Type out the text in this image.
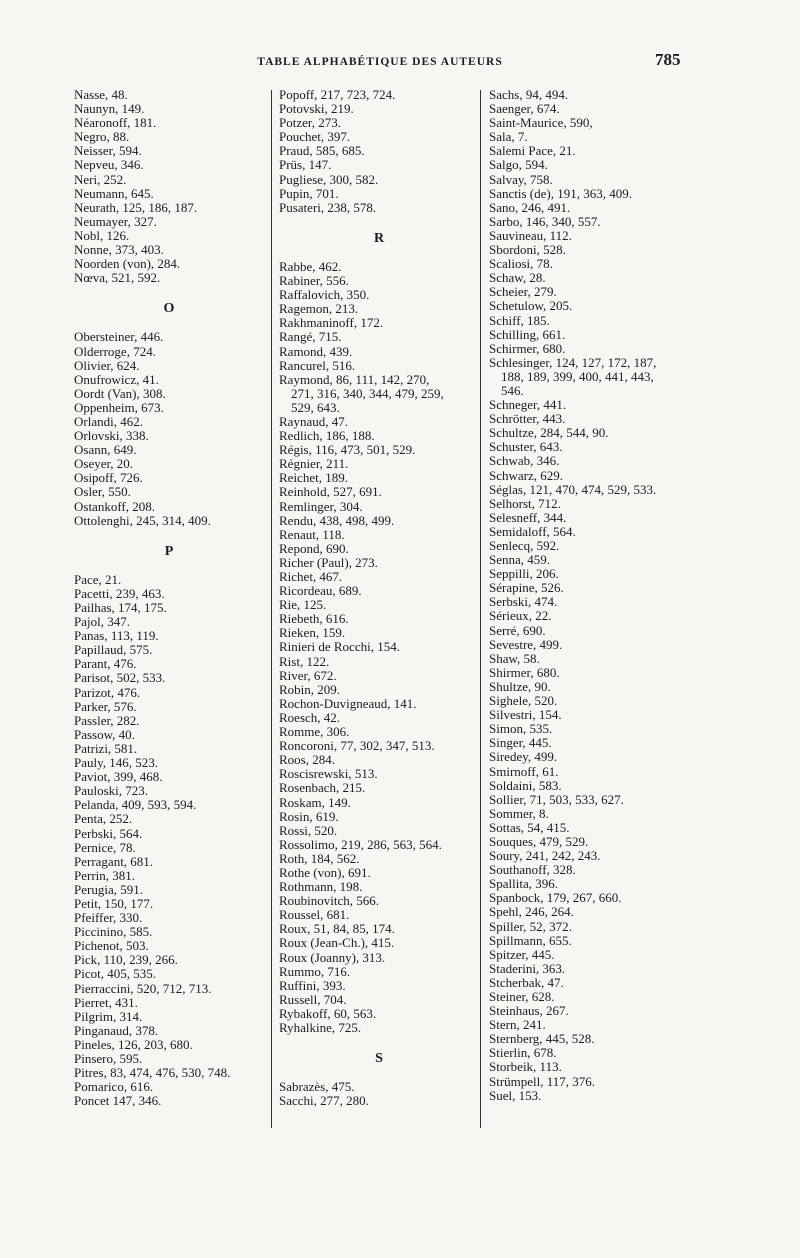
TABLE ALPHABÉTIQUE DES AUTEURS	785
Nasse, 48.
Naunyn, 149.
Néaronoff, 181.
Negro, 88.
Neisser, 594.
Nepveu, 346.
Neri, 252.
Neumann, 645.
Neurath, 125, 186, 187.
Neumayer, 327.
Nobl, 126.
Nonne, 373, 403.
Noorden (von), 284.
Nœva, 521, 592.
O
Obersteiner, 446.
Olderroge, 724.
Olivier, 624.
Onufrowicz, 41.
Oordt (Van), 308.
Oppenheim, 673.
Orlandi, 462.
Orlovski, 338.
Osann, 649.
Oseyer, 20.
Osipoff, 726.
Osler, 550.
Ostankoff, 208.
Ottolenghi, 245, 314, 409.
P
Pace, 21.
Pacetti, 239, 463.
Pailhas, 174, 175.
Pajol, 347.
Panas, 113, 119.
Papillaud, 575.
Parant, 476.
Parisot, 502, 533.
Parizot, 476.
Parker, 576.
Passler, 282.
Passow, 40.
Patrizi, 581.
Pauly, 146, 523.
Paviot, 399, 468.
Pauloski, 723.
Pelanda, 409, 593, 594.
Penta, 252.
Perbski, 564.
Pernice, 78.
Perragant, 681.
Perrin, 381.
Perugia, 591.
Petit, 150, 177.
Pfeiffer, 330.
Piccinino, 585.
Pichenot, 503.
Pick, 110, 239, 266.
Picot, 405, 535.
Pierraccini, 520, 712, 713.
Pierret, 431.
Pilgrim, 314.
Pinganaud, 378.
Pineles, 126, 203, 680.
Pinsero, 595.
Pitres, 83, 474, 476, 530, 748.
Pomarico, 616.
Poncet 147, 346.
Popoff, 217, 723, 724.
Potovski, 219.
Potzer, 273.
Pouchet, 397.
Praud, 585, 685.
Prüs, 147.
Pugliese, 300, 582.
Pupin, 701.
Pusateri, 238, 578.
R
Rabbe, 462.
Rabiner, 556.
Raffalovich, 350.
Ragemon, 213.
Rakhmaninoff, 172.
Rangé, 715.
Ramond, 439.
Rancurel, 516.
Raymond, 86, 111, 142, 270,
271, 316, 340, 344, 479, 259,
529, 643.
Raynaud, 47.
Redlich, 186, 188.
Régis, 116, 473, 501, 529.
Régnier, 211.
Reichet, 189.
Reinhold, 527, 691.
Remlinger, 304.
Rendu, 438, 498, 499.
Renaut, 118.
Repond, 690.
Richer (Paul), 273.
Richet, 467.
Ricordeau, 689.
Rie, 125.
Riebeth, 616.
Rieken, 159.
Rinieri de Rocchi, 154.
Rist, 122.
River, 672.
Robin, 209.
Rochon-Duvigneaud, 141.
Roesch, 42.
Romme, 306.
Roncoroni, 77, 302, 347, 513.
Roos, 284.
Roscisrewski, 513.
Rosenbach, 215.
Roskam, 149.
Rosin, 619.
Rossi, 520.
Rossolimo, 219, 286, 563, 564.
Roth, 184, 562.
Rothe (von), 691.
Rothmann, 198.
Roubinovitch, 566.
Roussel, 681.
Roux, 51, 84, 85, 174.
Roux (Jean-Ch.), 415.
Roux (Joanny), 313.
Rummo, 716.
Ruffini, 393.
Russell, 704.
Rybakoff, 60, 563.
Ryhalkine, 725.
S
Sabrazès, 475.
Sacchi, 277, 280.
Sachs, 94, 494.
Saenger, 674.
Saint-Maurice, 590,
Sala, 7.
Salemi Pace, 21.
Salgo, 594.
Salvay, 758.
Sanctis (de), 191, 363, 409.
Sano, 246, 491.
Sarbo, 146, 340, 557.
Sauvineau, 112.
Sbordoni, 528.
Scaliosi, 78.
Schaw, 28.
Scheier, 279.
Schetulow, 205.
Schiff, 185.
Schilling, 661.
Schirmer, 680.
Schlesinger, 124, 127, 172, 187,
188, 189, 399, 400, 441, 443,
546.
Schneger, 441.
Schrötter, 443.
Schultze, 284, 544, 90.
Schuster, 643.
Schwab, 346.
Schwarz, 629.
Séglas, 121, 470, 474, 529, 533.
Selhorst, 712.
Selesneff, 344.
Semidaloff, 564.
Senlecq, 592.
Senna, 459.
Seppilli, 206.
Sérapine, 526.
Serbski, 474.
Sérieux, 22.
Serré, 690.
Sevestre, 499.
Shaw, 58.
Shirmer, 680.
Shultze, 90.
Sighele, 520.
Silvestri, 154.
Simon, 535.
Singer, 445.
Siredey, 499.
Smirnoff, 61.
Soldaini, 583.
Sollier, 71, 503, 533, 627.
Sommer, 8.
Sottas, 54, 415.
Souques, 479, 529.
Soury, 241, 242, 243.
Southanoff, 328.
Spallita, 396.
Spanbock, 179, 267, 660.
Spehl, 246, 264.
Spiller, 52, 372.
Spillmann, 655.
Spitzer, 445.
Staderini, 363.
Stcherbak, 47.
Steiner, 628.
Steinhaus, 267.
Stern, 241.
Sternberg, 445, 528.
Stierlin, 678.
Storbeik, 113.
Strümpell, 117, 376.
Suel, 153.
